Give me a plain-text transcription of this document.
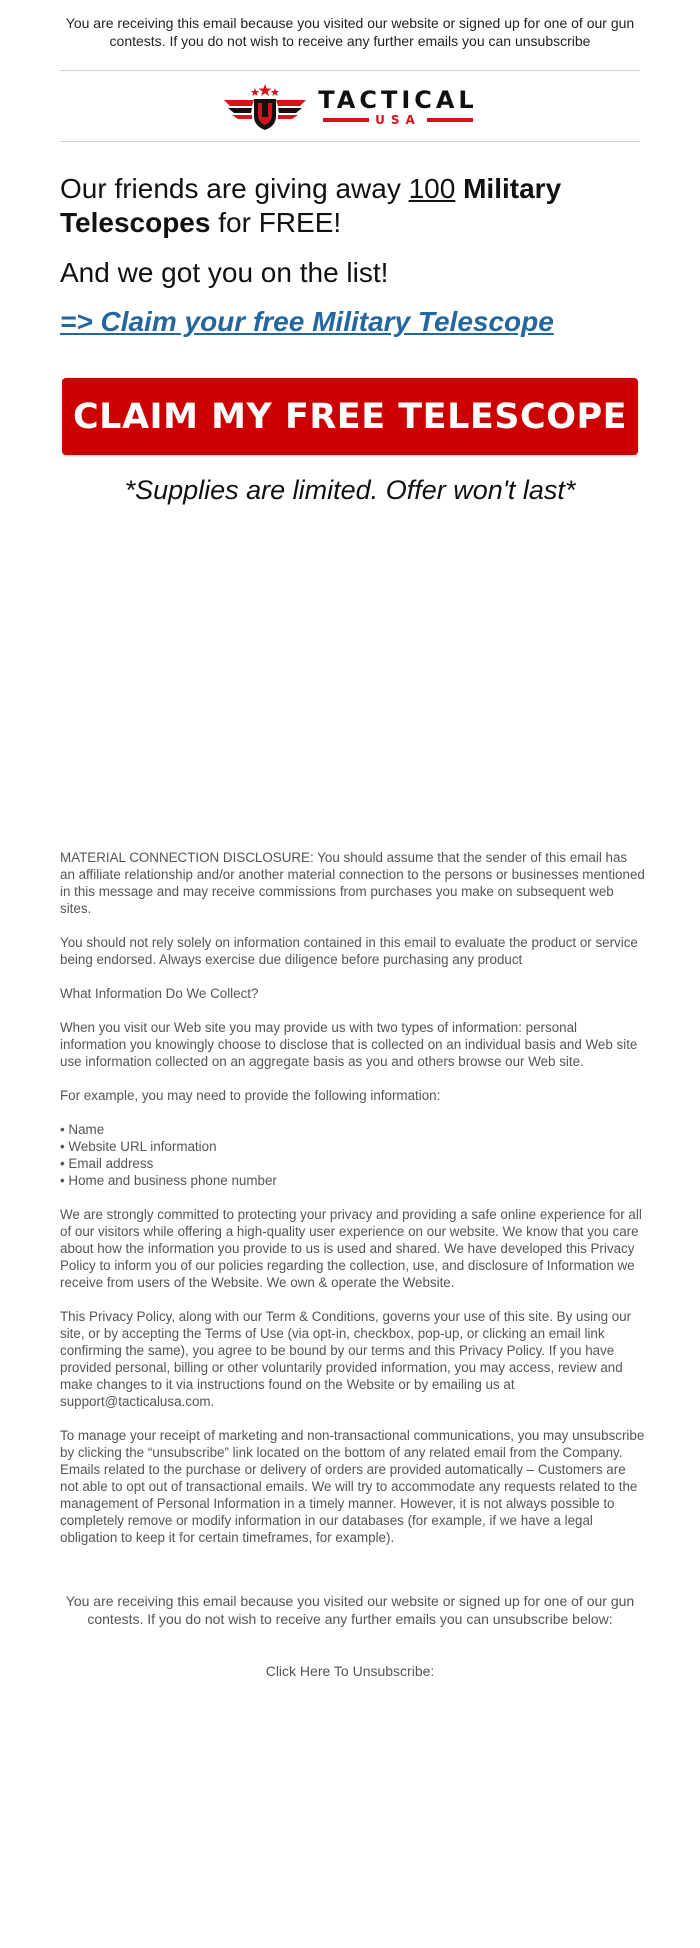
You are receiving this email because you visited our website or signed up for one of our gun contests. If you do not wish to receive any further emails you can unsubscribe
TACTICAL
USA
Our friends are giving away 100 Military Telescopes for FREE!
And we got you on the list!
=> Claim your free Military Telescope
CLAIM MY FREE TELESCOPE
*Supplies are limited. Offer won't last*

MATERIAL CONNECTION DISCLOSURE: You should assume that the sender of this email has an affiliate relationship and/or another material connection to the persons or businesses mentioned in this message and may receive commissions from purchases you make on subsequent web sites.

You should not rely solely on information contained in this email to evaluate the product or service being endorsed. Always exercise due diligence before purchasing any product

What Information Do We Collect?

When you visit our Web site you may provide us with two types of information: personal information you knowingly choose to disclose that is collected on an individual basis and Web site use information collected on an aggregate basis as you and others browse our Web site.

For example, you may need to provide the following information:

• Name
• Website URL information
• Email address
• Home and business phone number

We are strongly committed to protecting your privacy and providing a safe online experience for all of our visitors while offering a high-quality user experience on our website. We know that you care about how the information you provide to us is used and shared. We have developed this Privacy Policy to inform you of our policies regarding the collection, use, and disclosure of Information we receive from users of the Website. We own & operate the Website.

This Privacy Policy, along with our Term & Conditions, governs your use of this site. By using our site, or by accepting the Terms of Use (via opt-in, checkbox, pop-up, or clicking an email link confirming the same), you agree to be bound by our terms and this Privacy Policy. If you have provided personal, billing or other voluntarily provided information, you may access, review and make changes to it via instructions found on the Website or by emailing us at support@tacticalusa.com.

To manage your receipt of marketing and non-transactional communications, you may unsubscribe by clicking the “unsubscribe” link located on the bottom of any related email from the Company. Emails related to the purchase or delivery of orders are provided automatically – Customers are not able to opt out of transactional emails. We will try to accommodate any requests related to the management of Personal Information in a timely manner. However, it is not always possible to completely remove or modify information in our databases (for example, if we have a legal obligation to keep it for certain timeframes, for example).

You are receiving this email because you visited our website or signed up for one of our gun contests. If you do not wish to receive any further emails you can unsubscribe below:
Click Here To Unsubscribe:
